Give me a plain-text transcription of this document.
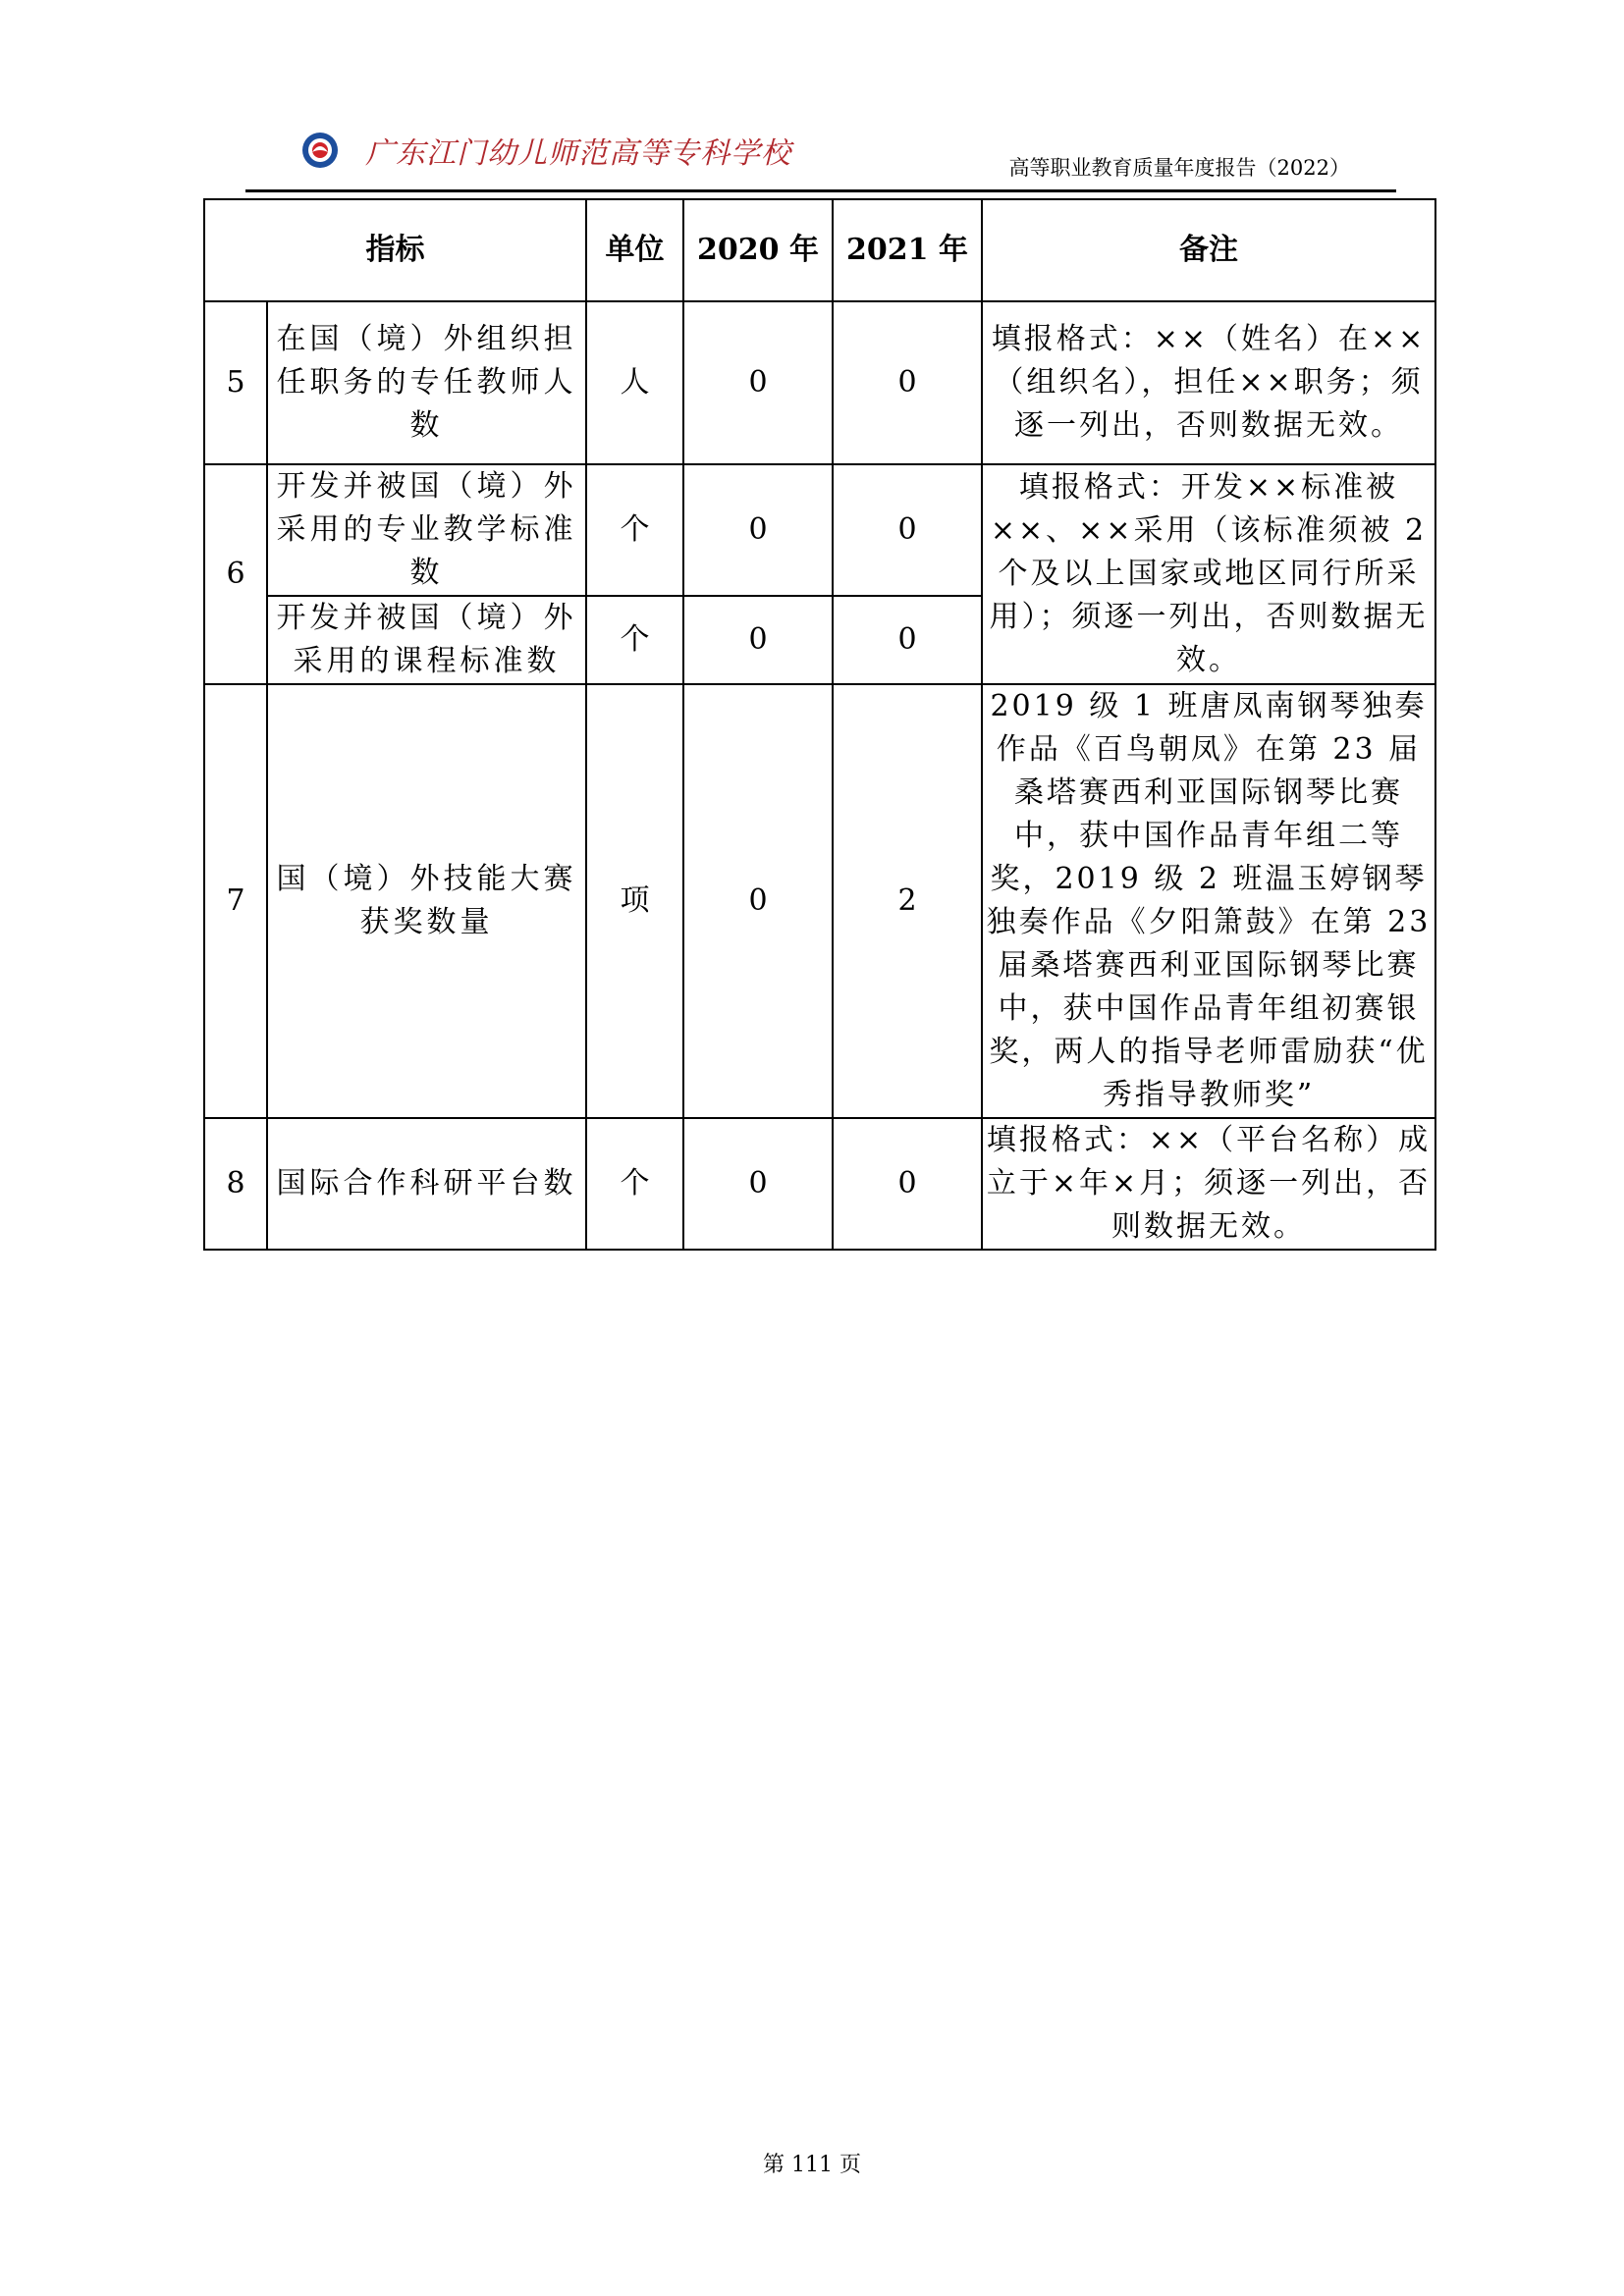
广东江门幼儿师范高等专科学校	高等职业教育质量年度报告（2022）
指标		单位	2020 年	2021 年	备注
5	在国（境）外组织担任职务的专任教师人数	人	0	0	填报格式：××（姓名）在××（组织名），担任××职务；须逐一列出，否则数据无效。
6	开发并被国（境）外采用的专业教学标准数	个	0	0	填报格式：开发××标准被××、××采用（该标准须被 2 个及以上国家或地区同行所采用）；须逐一列出，否则数据无效。
	开发并被国（境）外采用的课程标准数	个	0	0	
7	国（境）外技能大赛获奖数量	项	0	2	2019 级 1 班唐凤南钢琴独奏作品《百鸟朝凤》在第 23 届桑塔赛西利亚国际钢琴比赛中，获中国作品青年组二等奖，2019 级 2 班温玉婷钢琴独奏作品《夕阳箫鼓》在第 23 届桑塔赛西利亚国际钢琴比赛中，获中国作品青年组初赛银奖，两人的指导老师雷励获“优秀指导教师奖”
8	国际合作科研平台数	个	0	0	填报格式：××（平台名称）成立于×年×月；须逐一列出，否则数据无效。
第 111 页
